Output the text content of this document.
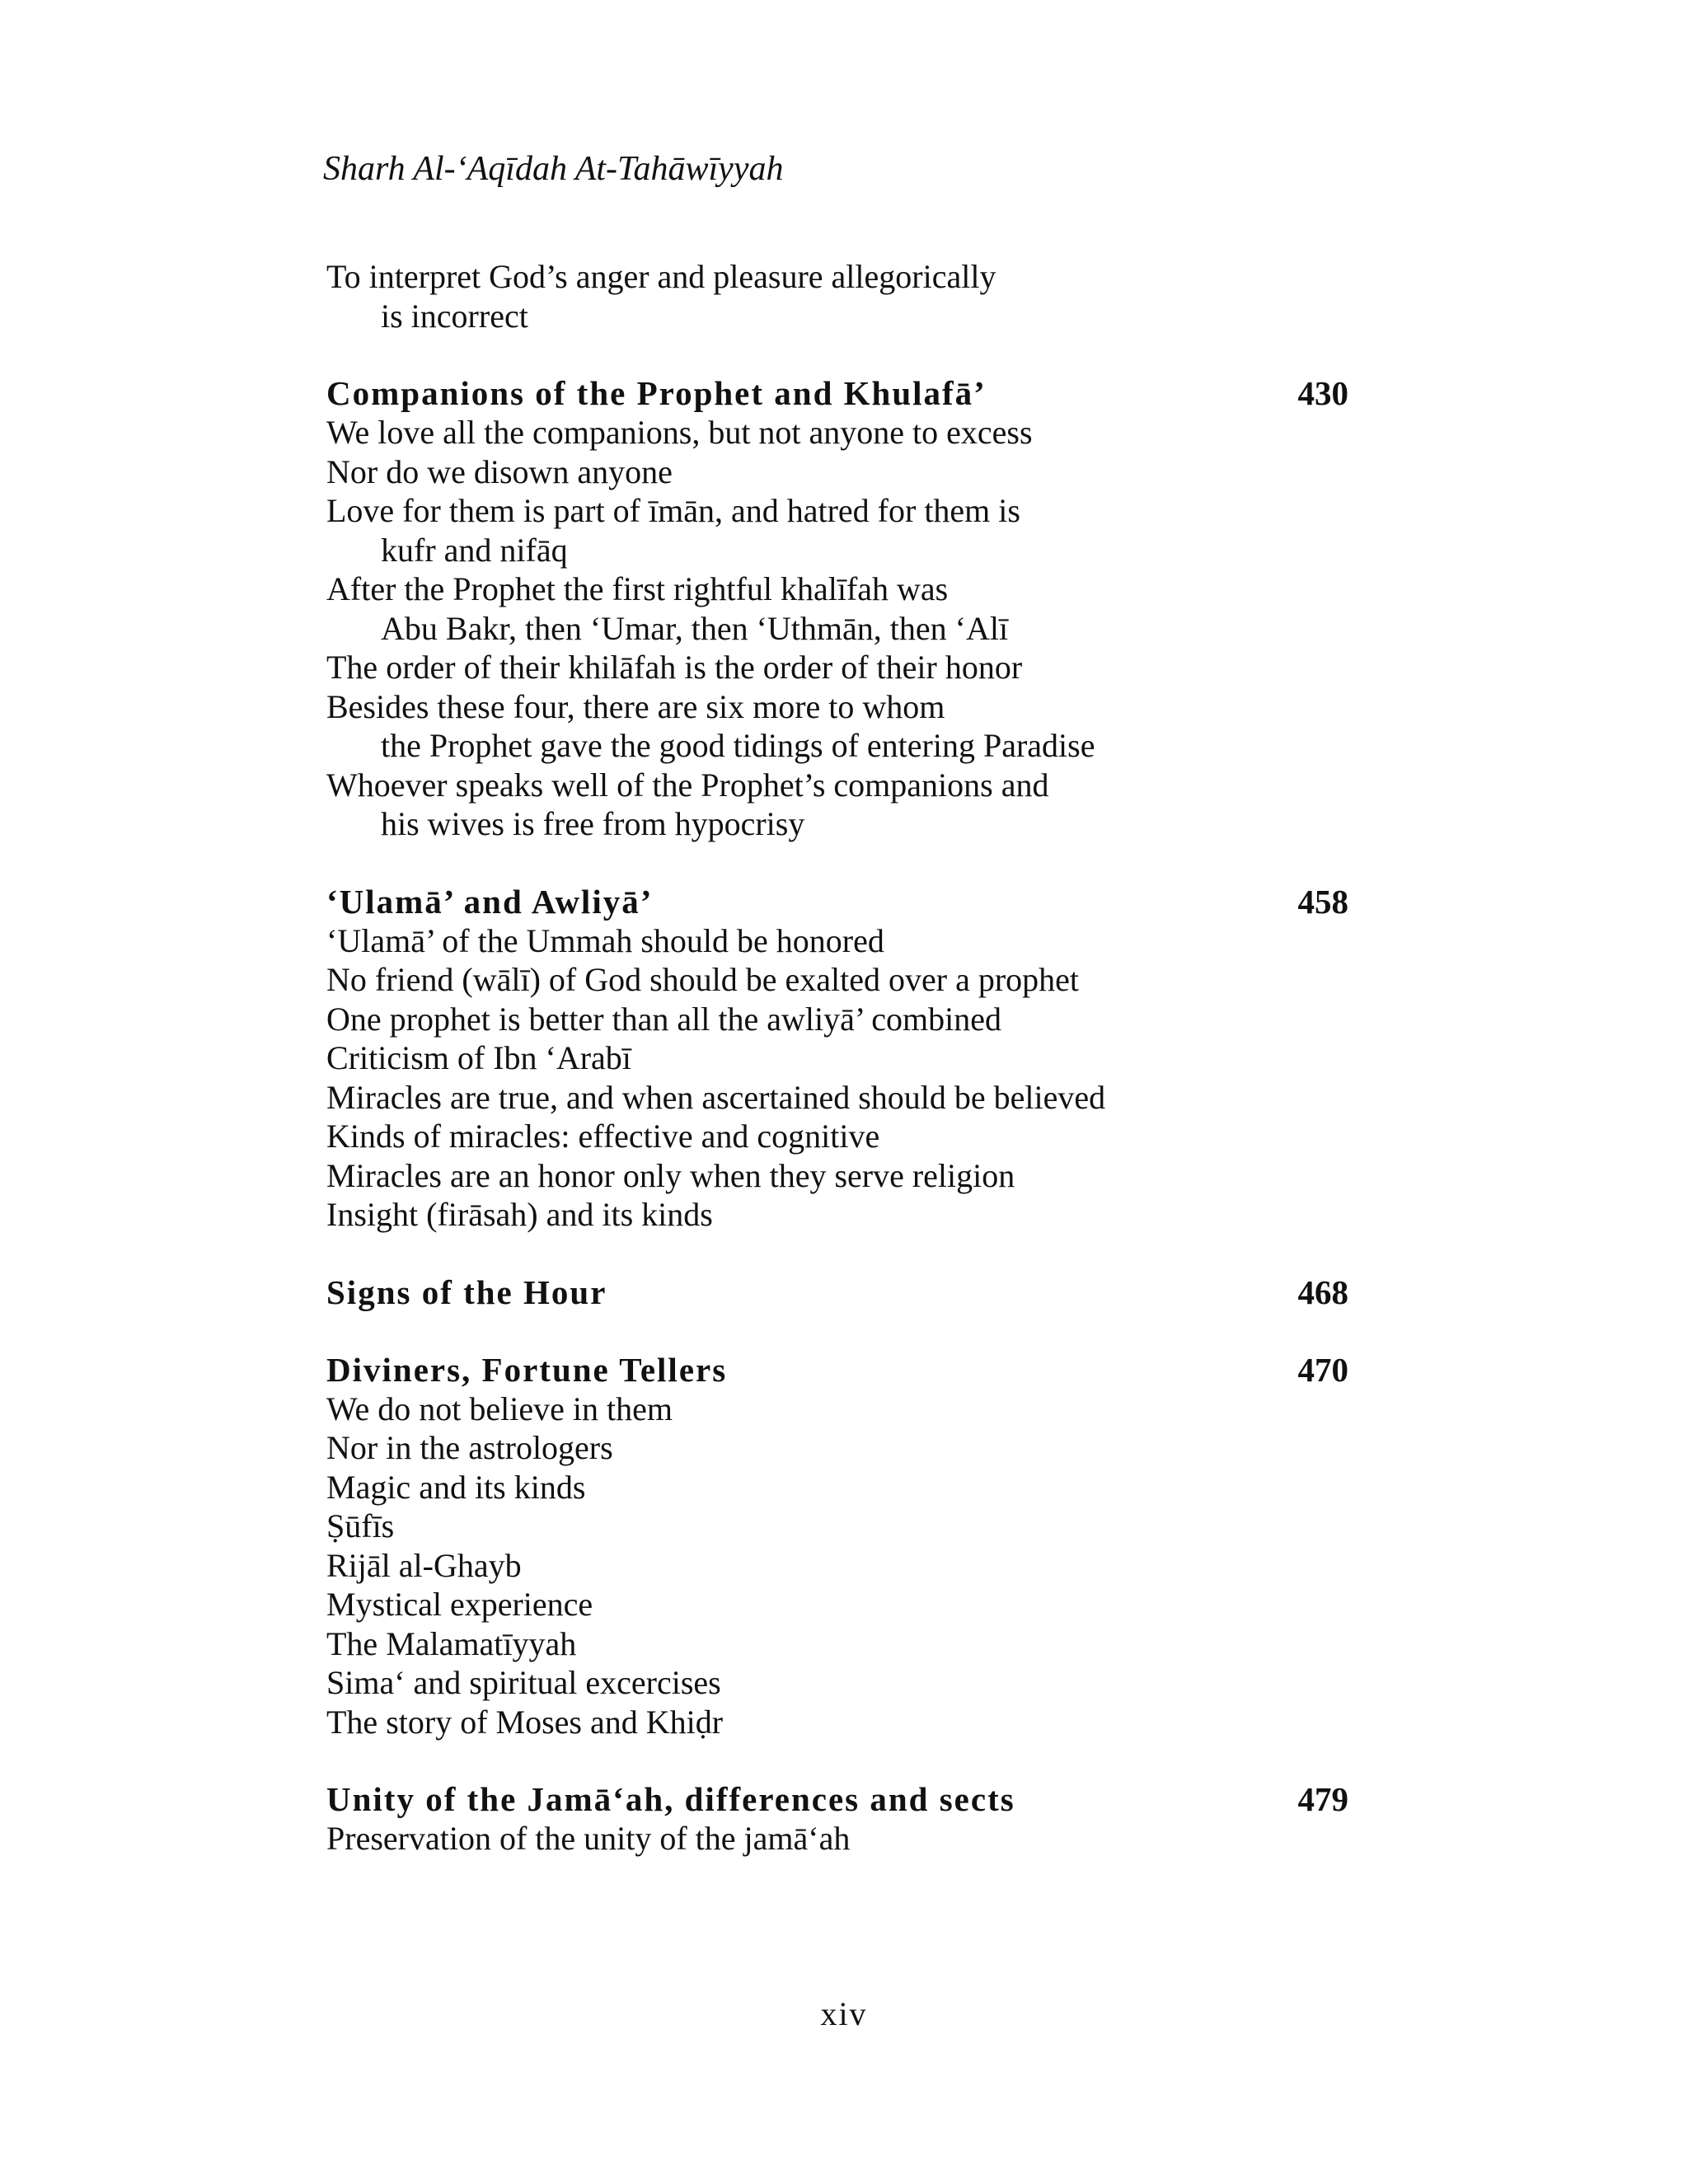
Sharh Al-ʻAqīdah At-Tahāwīyyah
To interpret God’s anger and pleasure allegorically
is incorrect
Companions of the Prophet and Khulafā’	430
We love all the companions, but not anyone to excess
Nor do we disown anyone
Love for them is part of īmān, and hatred for them is
kufr and nifāq
After the Prophet the first rightful khalīfah was
Abu Bakr, then ‘Umar, then ‘Uthmān, then ‘Alī
The order of their khilāfah is the order of their honor
Besides these four, there are six more to whom
the Prophet gave the good tidings of entering Paradise
Whoever speaks well of the Prophet’s companions and
his wives is free from hypocrisy
‘Ulamā’ and Awliyā’	458
‘Ulamā’ of the Ummah should be honored
No friend (wālī) of God should be exalted over a prophet
One prophet is better than all the awliyā’ combined
Criticism of Ibn ‘Arabī
Miracles are true, and when ascertained should be believed
Kinds of miracles: effective and cognitive
Miracles are an honor only when they serve religion
Insight (firāsah) and its kinds
Signs of the Hour	468
Diviners, Fortune Tellers	470
We do not believe in them
Nor in the astrologers
Magic and its kinds
Ṣūfīs
Rijāl al-Ghayb
Mystical experience
The Malamatīyyah
Sima‘ and spiritual excercises
The story of Moses and Khiḍr
Unity of the Jamā‘ah, differences and sects	479
Preservation of the unity of the jamā‘ah
xiv
